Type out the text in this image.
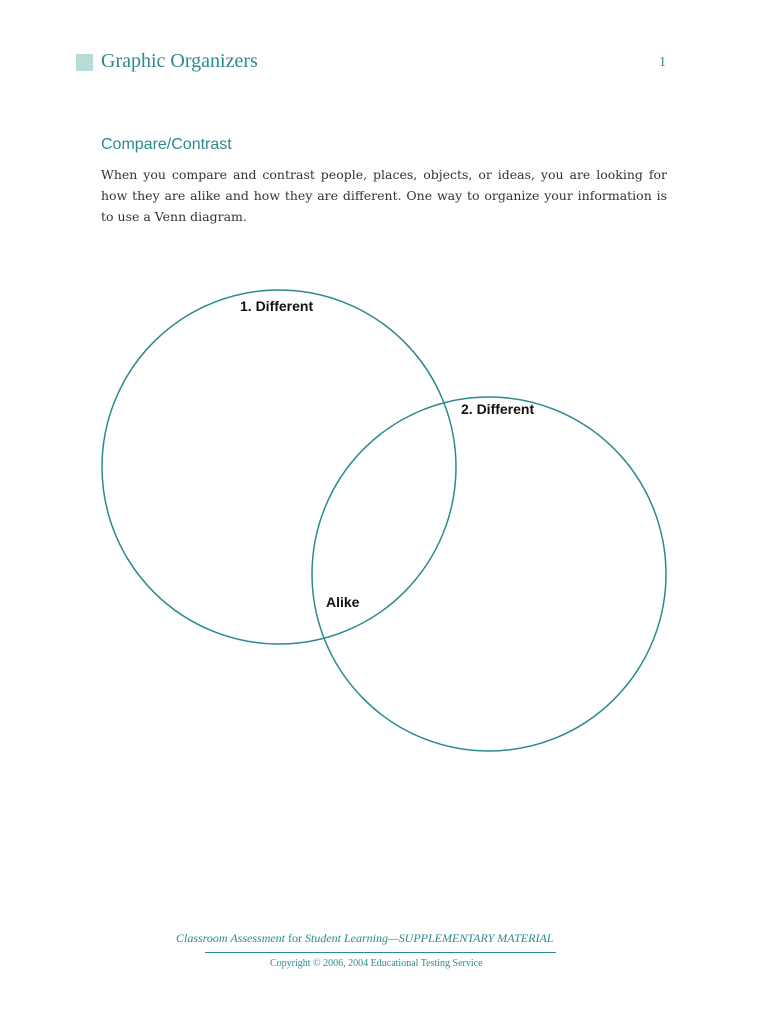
Graphic Organizers	1
Compare/Contrast

When you compare and contrast people, places, objects, or ideas, you are looking for how they are alike and how they are different. One way to organize your information is to use a Venn diagram.

1. Different
2. Different
Alike
Classroom Assessment for Student Learning—SUPPLEMENTARY MATERIAL
Copyright © 2006, 2004 Educational Testing Service
